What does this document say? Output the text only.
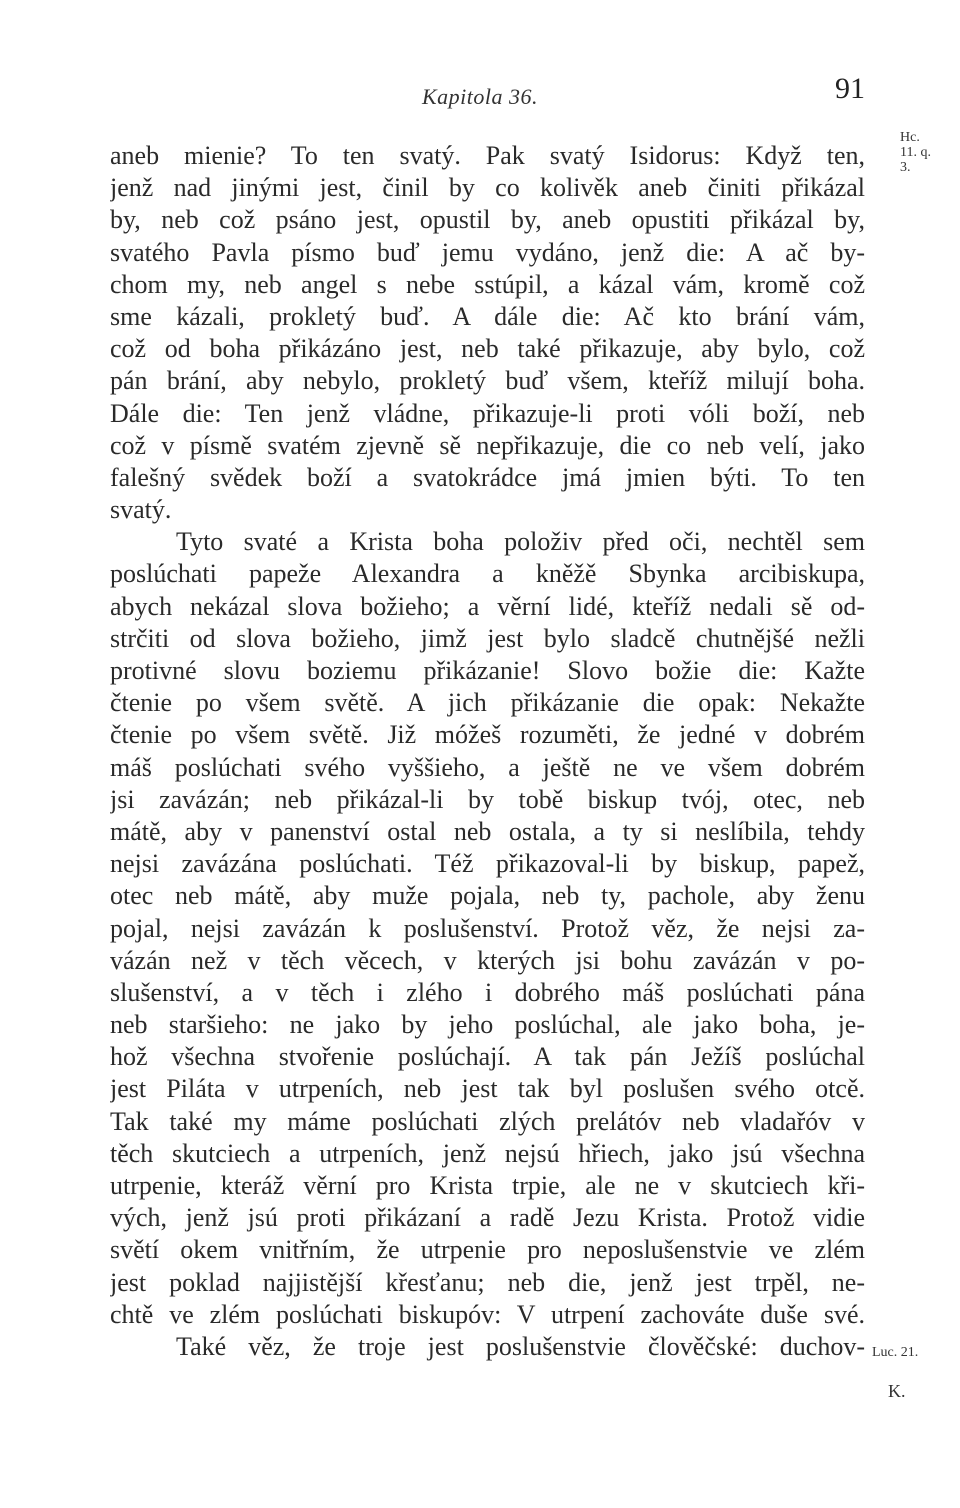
Kapitola 36.	91
Hc. 11. q. 3.
Luc. 21.
K.
aneb mienie? To ten svatý. Pak svatý Isidorus: Když ten,
jenž nad jinými jest, činil by co kolivěk aneb činiti přikázal
by, neb což psáno jest, opustil by, aneb opustiti přikázal by,
svatého Pavla písmo buď jemu vydáno, jenž die: A ač by-
chom my, neb angel s nebe sstúpil, a kázal vám, kromě což
sme kázali, prokletý buď. A dále die: Ač kto brání vám,
což od boha přikázáno jest, neb také přikazuje, aby bylo, což
pán brání, aby nebylo, prokletý buď všem, kteříž milují boha.
Dále die: Ten jenž vládne, přikazuje-li proti vóli boží, neb
což v písmě svatém zjevně sě nepřikazuje, die co neb velí, jako
falešný svědek boží a svatokrádce jmá jmien býti. To ten
svatý.
Tyto svaté a Krista boha položiv před oči, nechtěl sem
poslúchati papeže Alexandra a kněžě Sbynka arcibiskupa,
abych nekázal slova božieho; a věrní lidé, kteříž nedali sě od-
strčiti od slova božieho, jimž jest bylo sladcě chutnějšé nežli
protivné slovu boziemu přikázanie! Slovo božie die: Kažte
čtenie po všem světě. A jich přikázanie die opak: Nekažte
čtenie po všem světě. Již móžeš rozuměti, že jedné v dobrém
máš poslúchati svého vyššieho, a ještě ne ve všem dobrém
jsi zavázán; neb přikázal-li by tobě biskup tvój, otec, neb
mátě, aby v panenství ostal neb ostala, a ty si neslíbila, tehdy
nejsi zavázána poslúchati. Též přikazoval-li by biskup, papež,
otec neb mátě, aby muže pojala, neb ty, pachole, aby ženu
pojal, nejsi zavázán k poslušenství. Protož věz, že nejsi za-
vázán než v těch věcech, v kterých jsi bohu zavázán v po-
slušenství, a v těch i zlého i dobrého máš poslúchati pána
neb staršieho: ne jako by jeho poslúchal, ale jako boha, je-
hož všechna stvořenie poslúchají. A tak pán Ježíš poslúchal
jest Piláta v utrpeních, neb jest tak byl poslušen svého otcě.
Tak také my máme poslúchati zlých prelátóv neb vladařóv v
těch skutciech a utrpeních, jenž nejsú hřiech, jako jsú všechna
utrpenie, kteráž věrní pro Krista trpie, ale ne v skutciech kři-
vých, jenž jsú proti přikázaní a radě Jezu Krista. Protož vidie
světí okem vnitřním, že utrpenie pro neposlušenstvie ve zlém
jest poklad najjistější křesťanu; neb die, jenž jest trpěl, ne-
chtě ve zlém poslúchati biskupóv: V utrpení zachováte duše své.
Také věz, že troje jest poslušenstvie člověčské: duchov-
